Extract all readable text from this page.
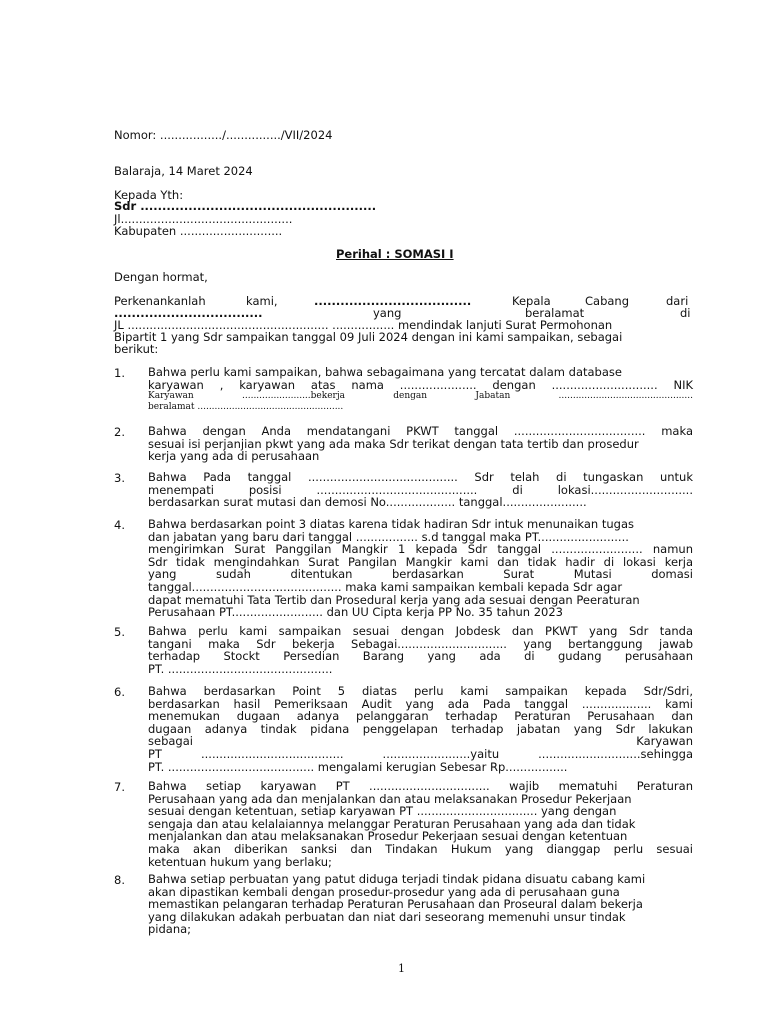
Nomor: ................./.............../VII/2024
Balaraja, 14 Maret 2024
Kepada Yth:
Sdr ......................................................
Jl...............................................
Kabupaten ............................
Perihal : SOMASI I
Dengan hormat,
Perkenankanlah	kami,	....................................	Kepala	Cabang	dari
..................................	yang	beralamat	di
JL ....................................................... ................. mendindak lanjuti Surat Permohonan
Bipartit 1 yang Sdr sampaikan tanggal 09 Juli 2024 dengan ini kami sampaikan, sebagai
berikut:
1. Bahwa perlu kami sampaikan, bahwa sebagaimana yang tercatat dalam database
karyawan , karyawan atas nama ..................... dengan ............................. NIK
Karyawan ........................bekerja dengan Jabatan ...............................................
beralamat ...................................................
2. Bahwa dengan Anda mendatangani PKWT tanggal .................................... maka
sesuai isi perjanjian pkwt yang ada maka Sdr terikat dengan tata tertib dan prosedur
kerja yang ada di perusahaan
3. Bahwa Pada tanggal ......................................... Sdr telah di tungaskan untuk
menempati posisi ............................................ di lokasi............................
berdasarkan surat mutasi dan demosi No................... tanggal.......................
4. Bahwa berdasarkan point 3 diatas karena tidak hadiran Sdr intuk menunaikan tugas
dan jabatan yang baru dari tanggal ................. s.d tanggal maka PT.........................
mengirimkan Surat Panggilan Mangkir 1 kepada Sdr tanggal ......................... namun
Sdr tidak mengindahkan Surat Pangilan Mangkir kami dan tidak hadir di lokasi kerja
yang sudah ditentukan berdasarkan Surat Mutasi domasi
tanggal......................................... maka kami sampaikan kembali kepada Sdr agar
dapat mematuhi Tata Tertib dan Prosedural kerja yang ada sesuai dengan Peeraturan
Perusahaan PT......................... dan UU Cipta kerja PP No. 35 tahun 2023
5. Bahwa perlu kami sampaikan sesuai dengan Jobdesk dan PKWT yang Sdr tanda
tangani maka Sdr bekerja Sebagai.............................. yang bertanggung jawab
terhadap Stockt Persedian Barang yang ada di gudang perusahaan
PT. .............................................
6. Bahwa berdasarkan Point 5 diatas perlu kami sampaikan kepada Sdr/Sdri,
berdasarkan hasil Pemeriksaan Audit yang ada Pada tanggal ................... kami
menemukan dugaan adanya pelanggaran terhadap Peraturan Perusahaan dan
dugaan adanya tindak pidana penggelapan terhadap jabatan yang Sdr lakukan
sebagai Karyawan
PT ....................................... ........................yaitu ............................sehingga
PT. ........................................ mengalami kerugian Sebesar Rp.................
7. Bahwa setiap karyawan PT ................................. wajib mematuhi Peraturan
Perusahaan yang ada dan menjalankan dan atau melaksanakan Prosedur Pekerjaan
sesuai dengan ketentuan, setiap karyawan PT ................................. yang dengan
sengaja dan atau kelalaiannya melanggar Peraturan Perusahaan yang ada dan tidak
menjalankan dan atau melaksanakan Prosedur Pekerjaan sesuai dengan ketentuan
maka akan diberikan sanksi dan Tindakan Hukum yang dianggap perlu sesuai
ketentuan hukum yang berlaku;
8. Bahwa setiap perbuatan yang patut diduga terjadi tindak pidana disuatu cabang kami
akan dipastikan kembali dengan prosedur-prosedur yang ada di perusahaan guna
memastikan pelangaran terhadap Peraturan Perusahaan dan Proseural dalam bekerja
yang dilakukan adakah perbuatan dan niat dari seseorang memenuhi unsur tindak
pidana;
1
